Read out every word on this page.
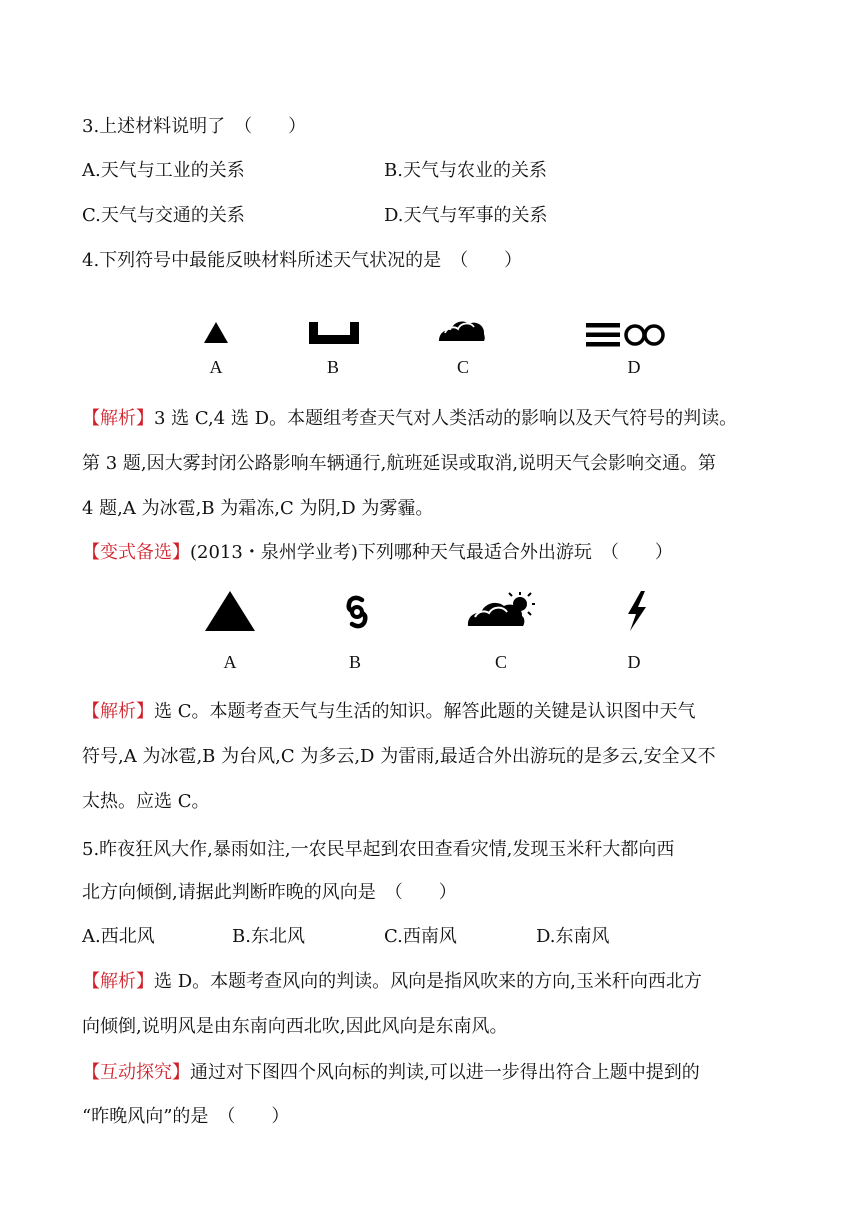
3.上述材料说明了　（　　）
A.天气与工业的关系	B.天气与农业的关系
C.天气与交通的关系	D.天气与军事的关系
4.下列符号中最能反映材料所述天气状况的是　（　　）
A	B	C	D
【解析】3 选 C,4 选 D。本题组考查天气对人类活动的影响以及天气符号的判读。
第 3 题,因大雾封闭公路影响车辆通行,航班延误或取消,说明天气会影响交通。第
4 题,A 为冰雹,B 为霜冻,C 为阴,D 为雾霾。
【变式备选】(2013・泉州学业考)下列哪种天气最适合外出游玩　（　　）
A	B	C	D
【解析】选 C。本题考查天气与生活的知识。解答此题的关键是认识图中天气
符号,A 为冰雹,B 为台风,C 为多云,D 为雷雨,最适合外出游玩的是多云,安全又不
太热。应选 C。
5.昨夜狂风大作,暴雨如注,一农民早起到农田查看灾情,发现玉米秆大都向西
北方向倾倒,请据此判断昨晚的风向是　（　　）
A.西北风	B.东北风	C.西南风	D.东南风
【解析】选 D。本题考查风向的判读。风向是指风吹来的方向,玉米秆向西北方
向倾倒,说明风是由东南向西北吹,因此风向是东南风。
【互动探究】通过对下图四个风向标的判读,可以进一步得出符合上题中提到的
“昨晚风向”的是　（　　）
